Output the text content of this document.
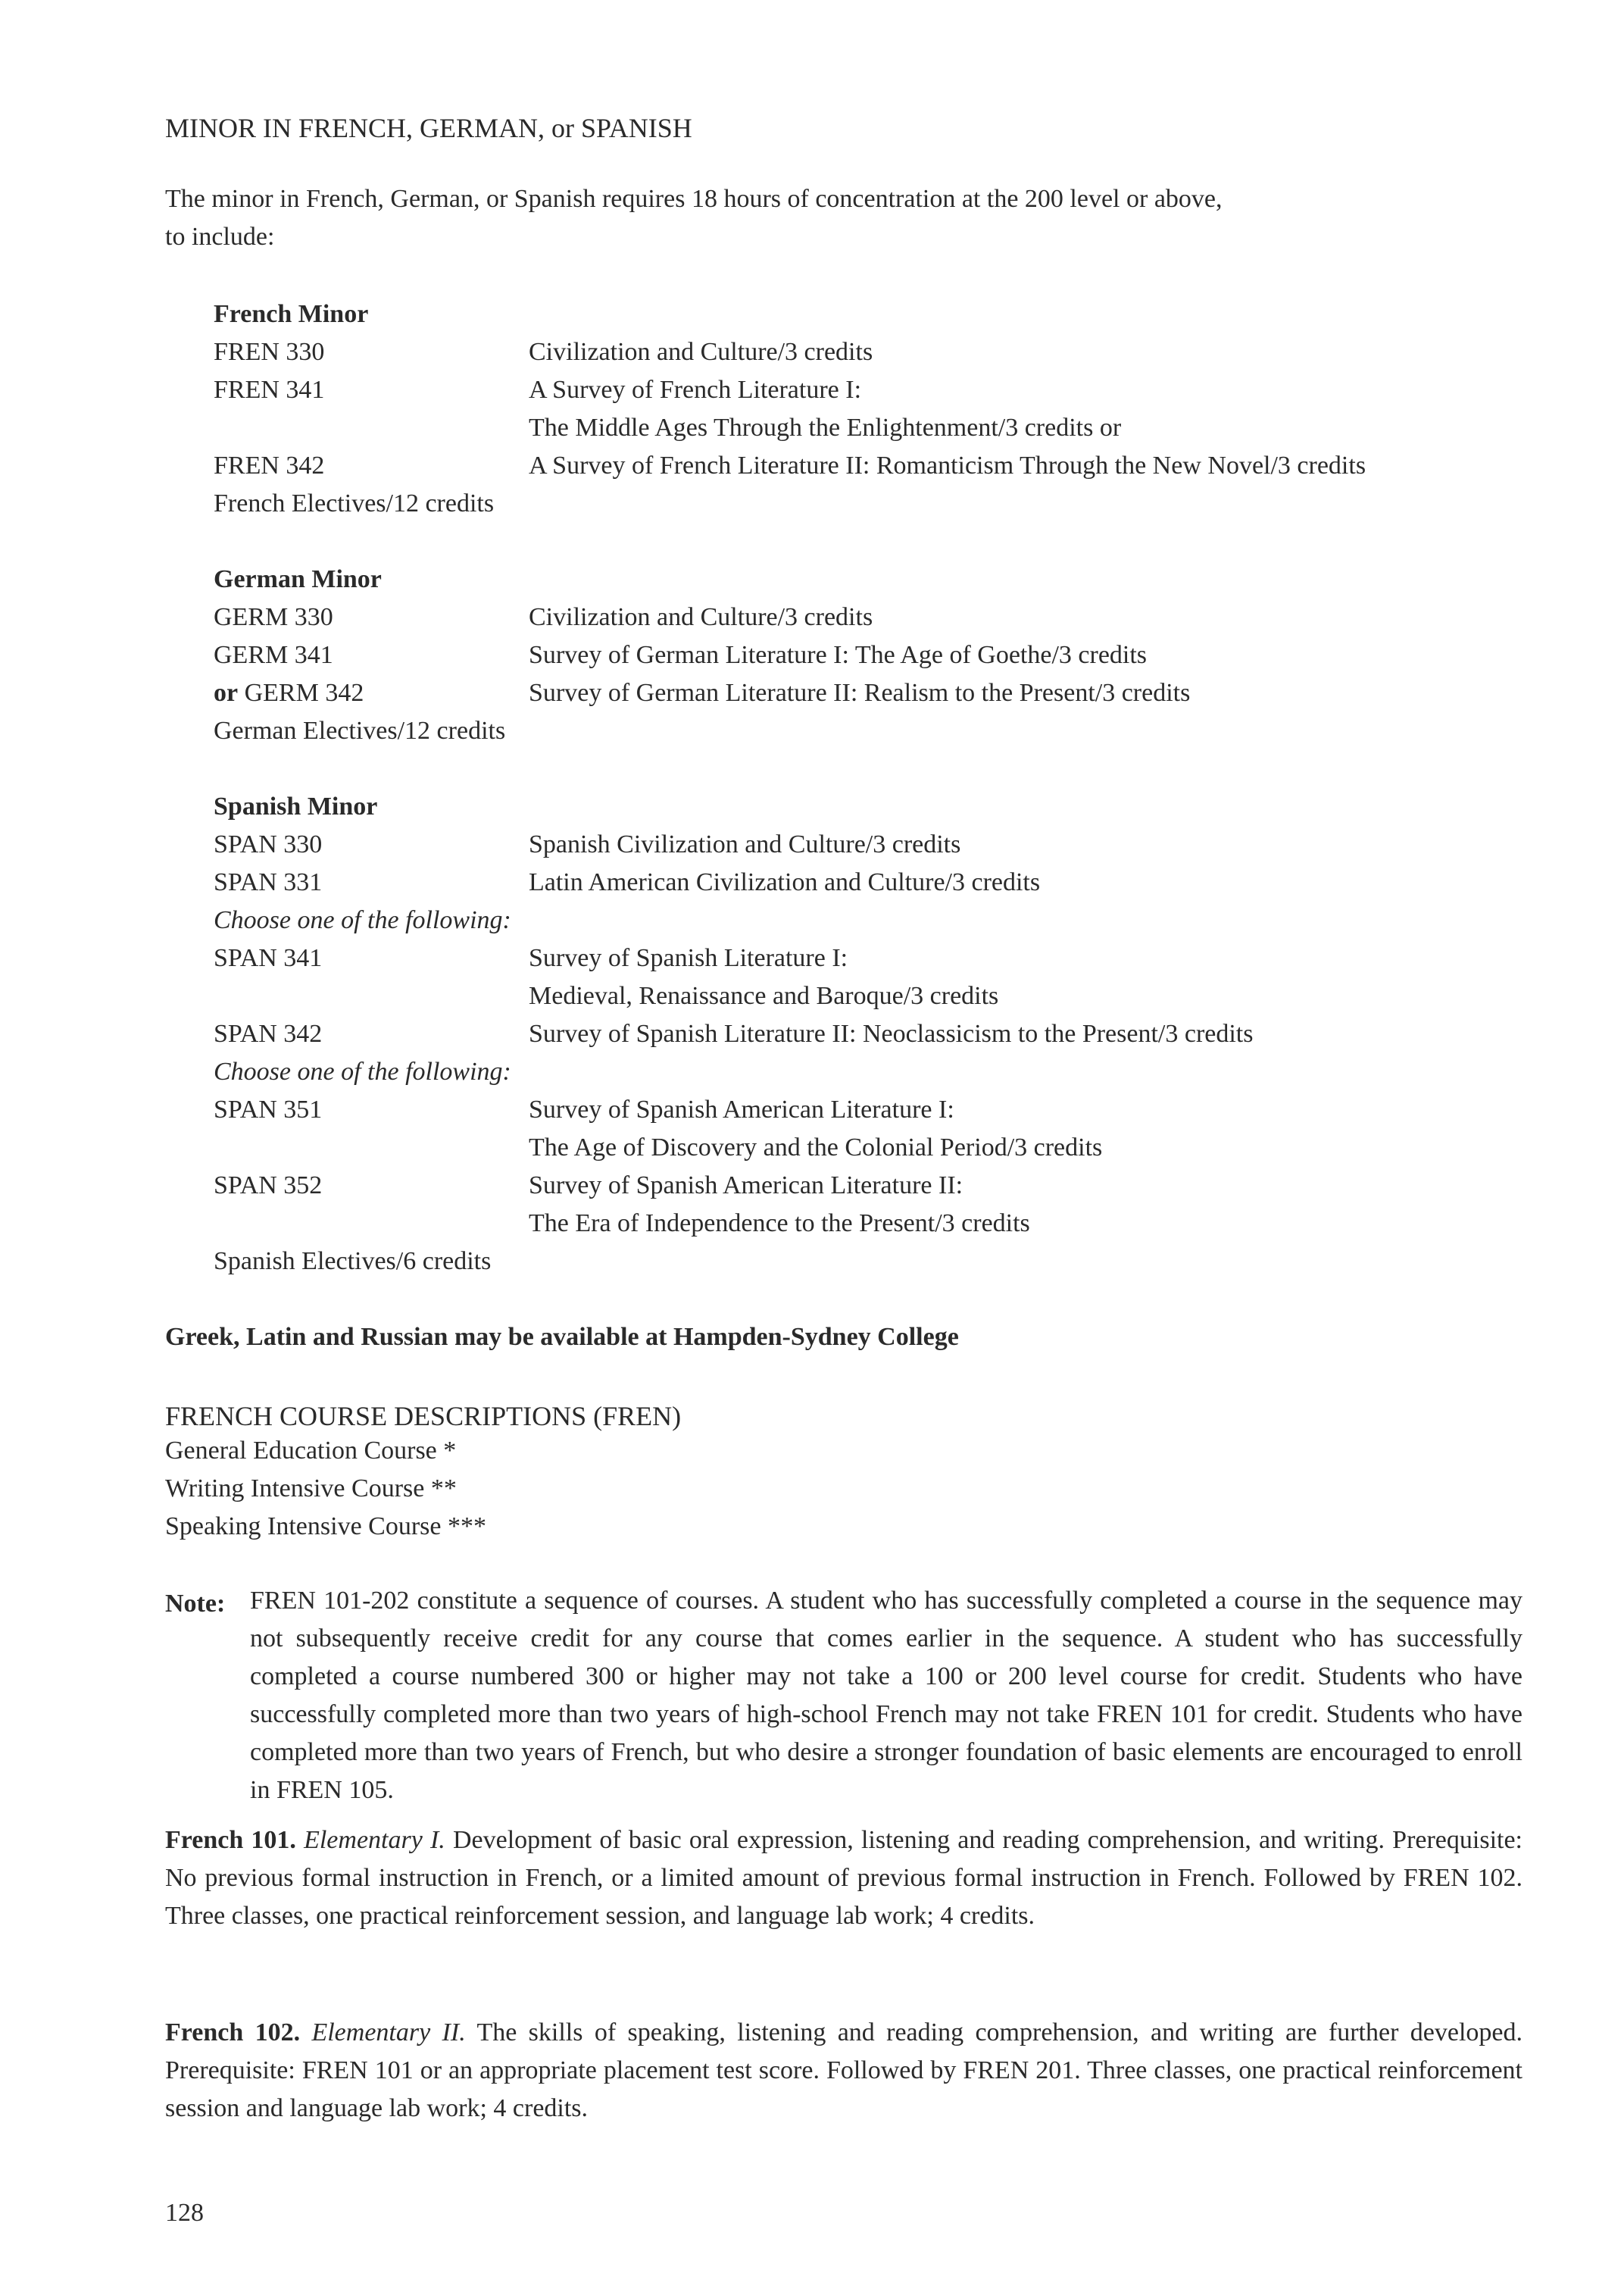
MINOR IN FRENCH, GERMAN, or SPANISH
The minor in French, German, or Spanish requires 18 hours of concentration at the 200 level or above,
to include:
French Minor
FREN 330	Civilization and Culture/3 credits
FREN 341	A Survey of French Literature I:
The Middle Ages Through the Enlightenment/3 credits or
FREN 342	A Survey of French Literature II: Romanticism Through the New Novel/3 credits
French Electives/12 credits
German Minor
GERM 330	Civilization and Culture/3 credits
GERM 341	Survey of German Literature I: The Age of Goethe/3 credits
or GERM 342	Survey of German Literature II: Realism to the Present/3 credits
German Electives/12 credits
Spanish Minor
SPAN 330	Spanish Civilization and Culture/3 credits
SPAN 331	Latin American Civilization and Culture/3 credits
Choose one of the following:
SPAN 341	Survey of Spanish Literature I:
Medieval, Renaissance and Baroque/3 credits
SPAN 342	Survey of Spanish Literature II: Neoclassicism to the Present/3 credits
Choose one of the following:
SPAN 351	Survey of Spanish American Literature I:
The Age of Discovery and the Colonial Period/3 credits
SPAN 352	Survey of Spanish American Literature II:
The Era of Independence to the Present/3 credits
Spanish Electives/6 credits
Greek, Latin and Russian may be available at Hampden-Sydney College
FRENCH COURSE DESCRIPTIONS (FREN)
General Education Course *
Writing Intensive Course **
Speaking Intensive Course ***
Note: FREN 101-202 constitute a sequence of courses. A student who has successfully completed a course in the sequence may not subsequently receive credit for any course that comes earlier in the sequence. A student who has successfully completed a course numbered 300 or higher may not take a 100 or 200 level course for credit. Students who have successfully completed more than two years of high-school French may not take FREN 101 for credit. Students who have completed more than two years of French, but who desire a stronger foundation of basic elements are encouraged to enroll in FREN 105.
French 101. Elementary I. Development of basic oral expression, listening and reading comprehension, and writing. Prerequisite: No previous formal instruction in French, or a limited amount of previous formal instruction in French. Followed by FREN 102. Three classes, one practical reinforcement session, and language lab work; 4 credits.
French 102. Elementary II. The skills of speaking, listening and reading comprehension, and writing are further developed. Prerequisite: FREN 101 or an appropriate placement test score. Followed by FREN 201. Three classes, one practical reinforcement session and language lab work; 4 credits.
128
